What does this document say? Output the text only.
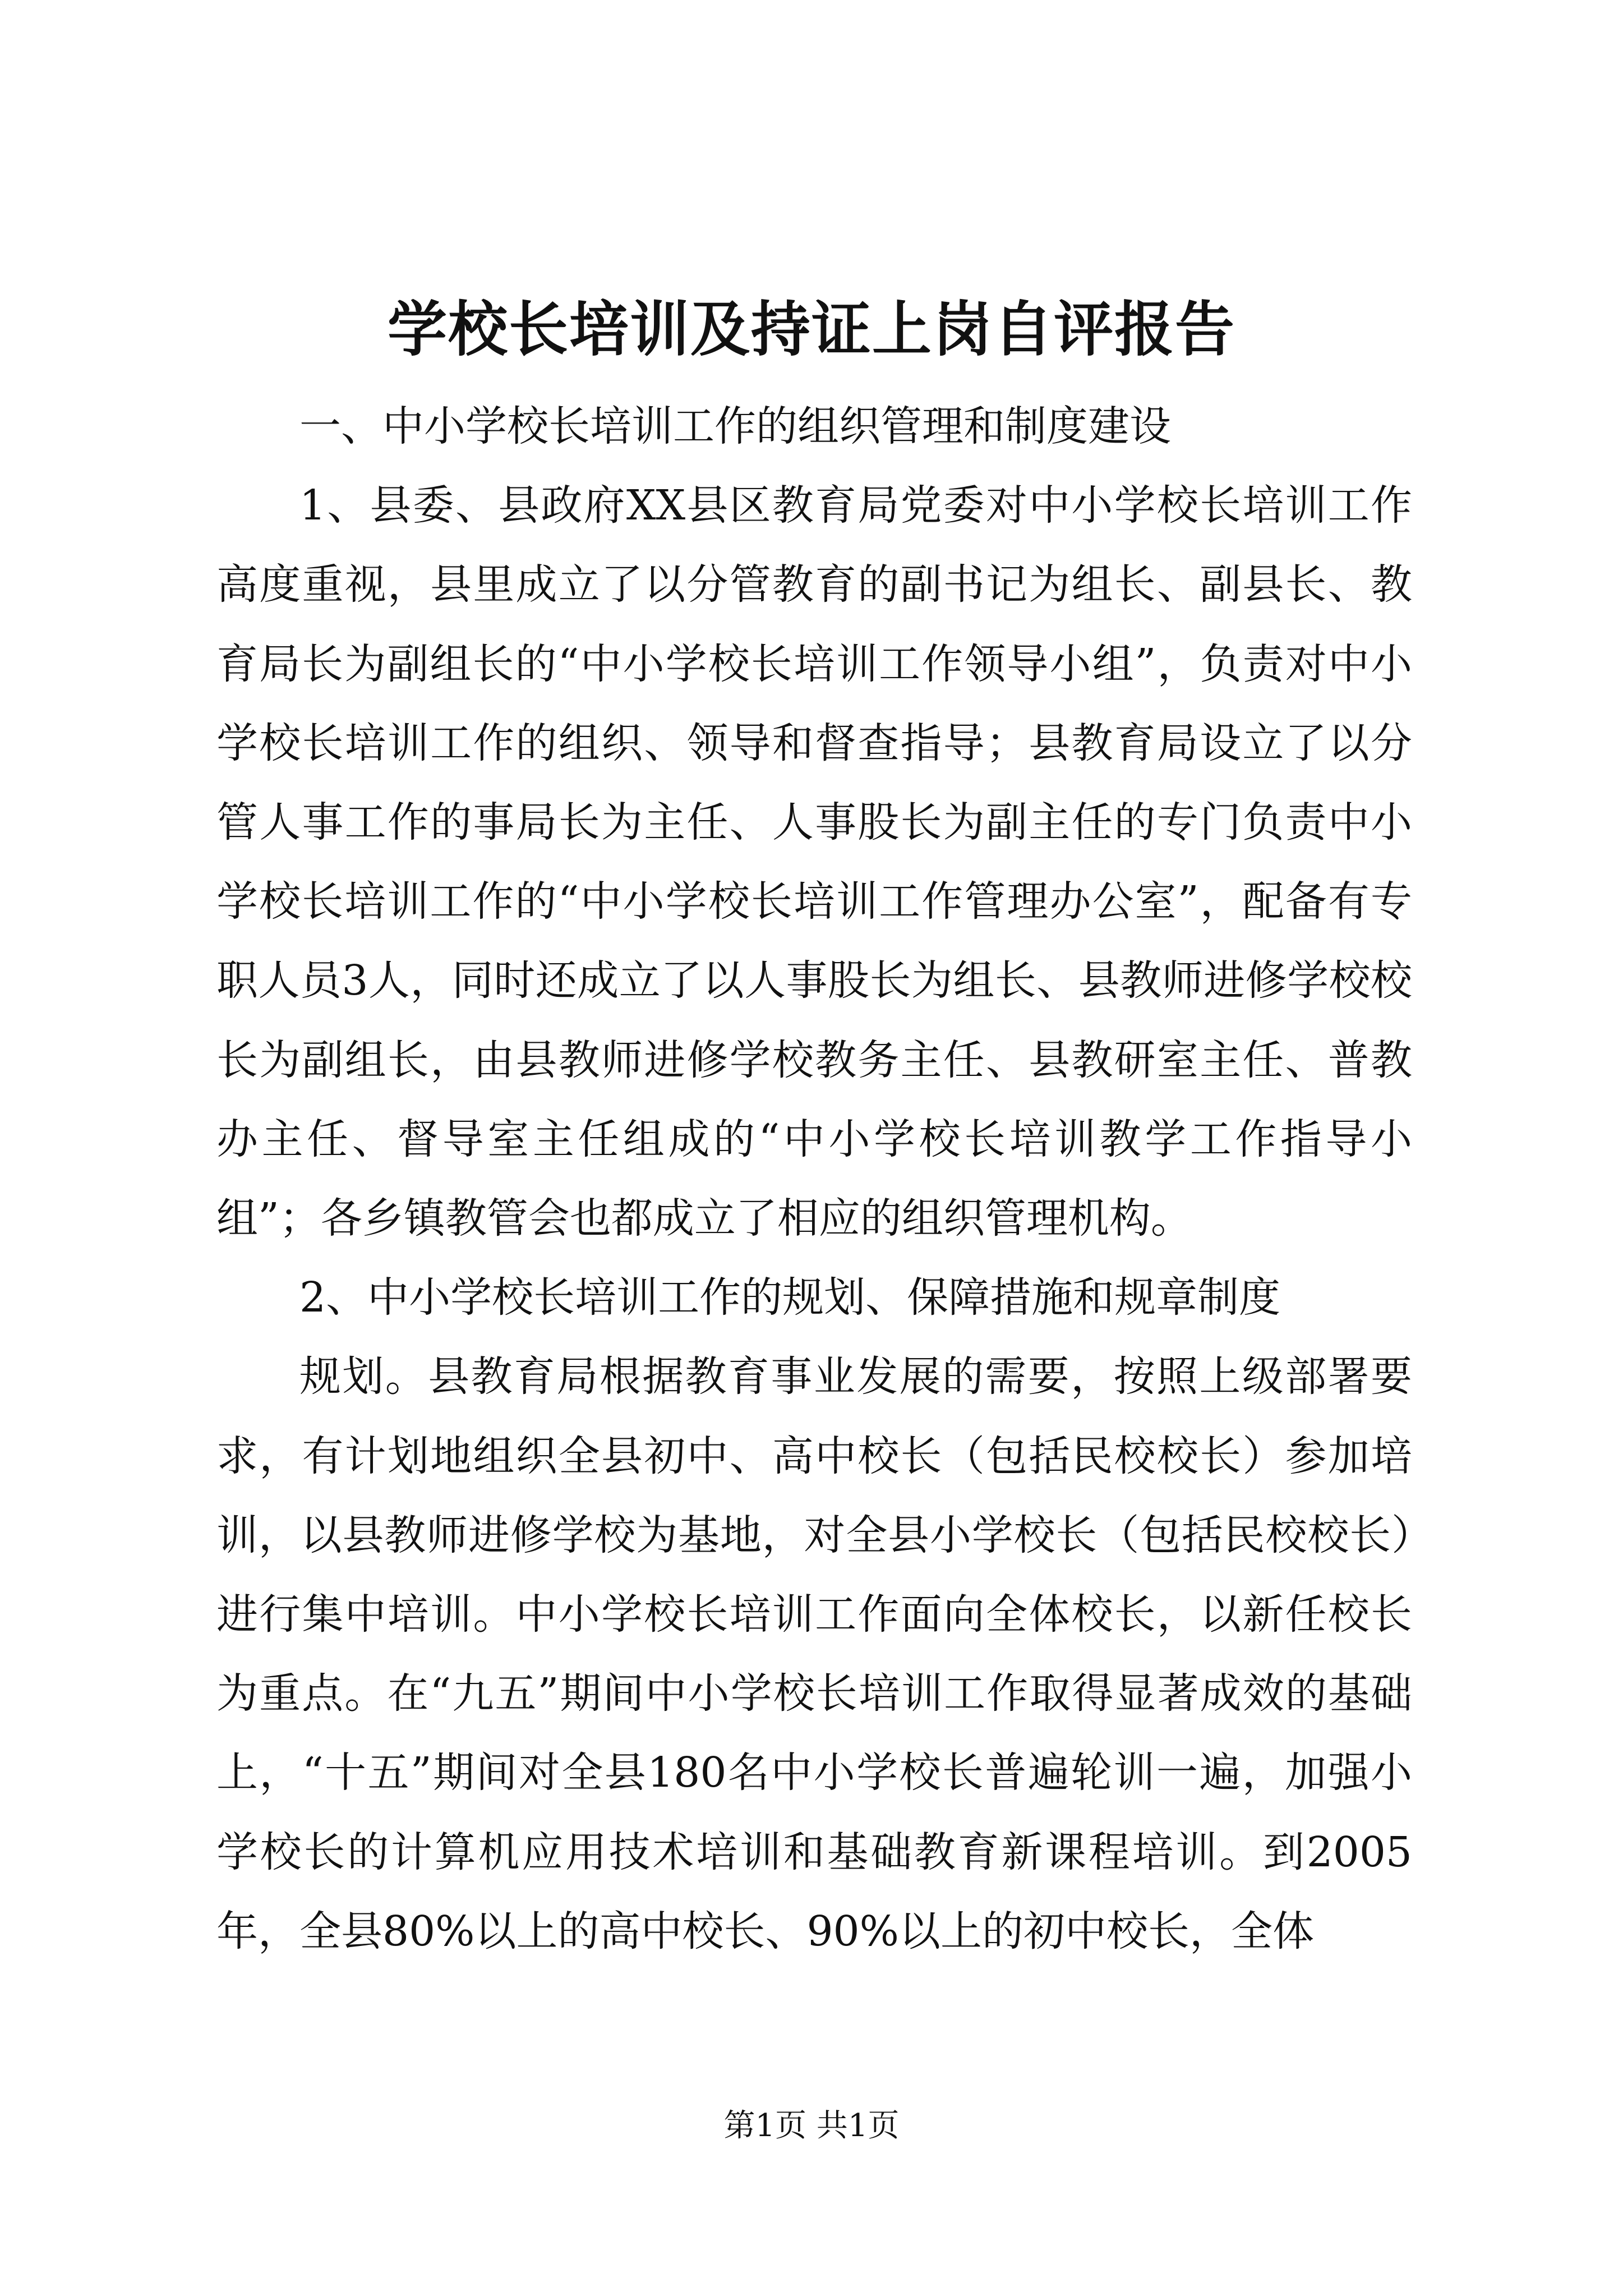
学校长培训及持证上岗自评报告

一、中小学校长培训工作的组织管理和制度建设

1、县委、县政府XX县区教育局党委对中小学校长培训工作高度重视，县里成立了以分管教育的副书记为组长、副县长、教育局长为副组长的“中小学校长培训工作领导小组”，负责对中小学校长培训工作的组织、领导和督查指导；县教育局设立了以分管人事工作的事局长为主任、人事股长为副主任的专门负责中小学校长培训工作的“中小学校长培训工作管理办公室”，配备有专职人员3人，同时还成立了以人事股长为组长、县教师进修学校校长为副组长，由县教师进修学校教务主任、县教研室主任、普教办主任、督导室主任组成的“中小学校长培训教学工作指导小组”；各乡镇教管会也都成立了相应的组织管理机构。

2、中小学校长培训工作的规划、保障措施和规章制度

规划。县教育局根据教育事业发展的需要，按照上级部署要求，有计划地组织全县初中、高中校长（包括民校校长）参加培训，以县教师进修学校为基地，对全县小学校长（包括民校校长）进行集中培训。中小学校长培训工作面向全体校长，以新任校长为重点。在“九五”期间中小学校长培训工作取得显著成效的基础上，“十五”期间对全县180名中小学校长普遍轮训一遍，加强小学校长的计算机应用技术培训和基础教育新课程培训。到2005年，全县80%以上的高中校长、90%以上的初中校长，全体

第1页 共1页
